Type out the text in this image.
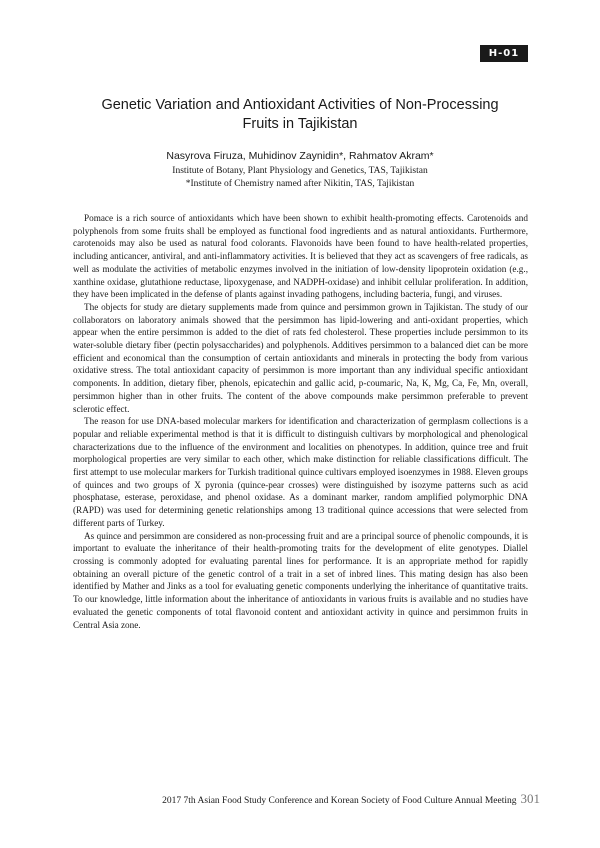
H-01
Genetic Variation and Antioxidant Activities of Non-Processing
Fruits in Tajikistan
Nasyrova Firuza, Muhidinov Zaynidin*, Rahmatov Akram*
Institute of Botany, Plant Physiology and Genetics, TAS, Tajikistan
*Institute of Chemistry named after Nikitin, TAS, Tajikistan

Pomace is a rich source of antioxidants which have been shown to exhibit health-promoting effects. Carotenoids and polyphenols from some fruits shall be employed as functional food ingredients and as natural antioxidants. Furthermore, carotenoids may also be used as natural food colorants. Flavonoids have been found to have health-related properties, including anticancer, antiviral, and anti-inflammatory activities. It is believed that they act as scavengers of free radicals, as well as modulate the activities of metabolic enzymes involved in the initiation of low-density lipoprotein oxidation (e.g., xanthine oxidase, glutathione reductase, lipoxygenase, and NADPH-oxidase) and inhibit cellular proliferation. In addition, they have been implicated in the defense of plants against invading pathogens, including bacteria, fungi, and viruses.

The objects for study are dietary supplements made from quince and persimmon grown in Tajikistan. The study of our collaborators on laboratory animals showed that the persimmon has lipid-lowering and anti-oxidant properties, which appear when the entire persimmon is added to the diet of rats fed cholesterol. These properties include persimmon to its water-soluble dietary fiber (pectin polysaccharides) and polyphenols. Additives persimmon to a balanced diet can be more efficient and economical than the consumption of certain antioxidants and minerals in protecting the body from various oxidative stress. The total antioxidant capacity of persimmon is more important than any individual specific antioxidant components. In addition, dietary fiber, phenols, epicatechin and gallic acid, p-coumaric, Na, K, Mg, Ca, Fe, Mn, overall, persimmon higher than in other fruits. The content of the above compounds make persimmon preferable to prevent sclerotic effect.

The reason for use DNA-based molecular markers for identification and characterization of germplasm collections is a popular and reliable experimental method is that it is difficult to distinguish cultivars by morphological and phenological characterizations due to the influence of the environment and localities on phenotypes. In addition, quince tree and fruit morphological properties are very similar to each other, which make distinction for reliable classifications difficult. The first attempt to use molecular markers for Turkish traditional quince cultivars employed isoenzymes in 1988. Eleven groups of quinces and two groups of X pyronia (quince-pear crosses) were distinguished by isozyme patterns such as acid phosphatase, esterase, peroxidase, and phenol oxidase. As a dominant marker, random amplified polymorphic DNA (RAPD) was used for determining genetic relationships among 13 traditional quince accessions that were selected from different parts of Turkey.

As quince and persimmon are considered as non-processing fruit and are a principal source of phenolic compounds, it is important to evaluate the inheritance of their health-promoting traits for the development of elite genotypes. Diallel crossing is commonly adopted for evaluating parental lines for performance. It is an appropriate method for rapidly obtaining an overall picture of the genetic control of a trait in a set of inbred lines. This mating design has also been identified by Mather and Jinks as a tool for evaluating genetic components underlying the inheritance of quantitative traits. To our knowledge, little information about the inheritance of antioxidants in various fruits is available and no studies have evaluated the genetic components of total flavonoid content and antioxidant activity in quince and persimmon fruits in Central Asia zone.

2017 7th Asian Food Study Conference and Korean Society of Food Culture Annual Meeting 301
